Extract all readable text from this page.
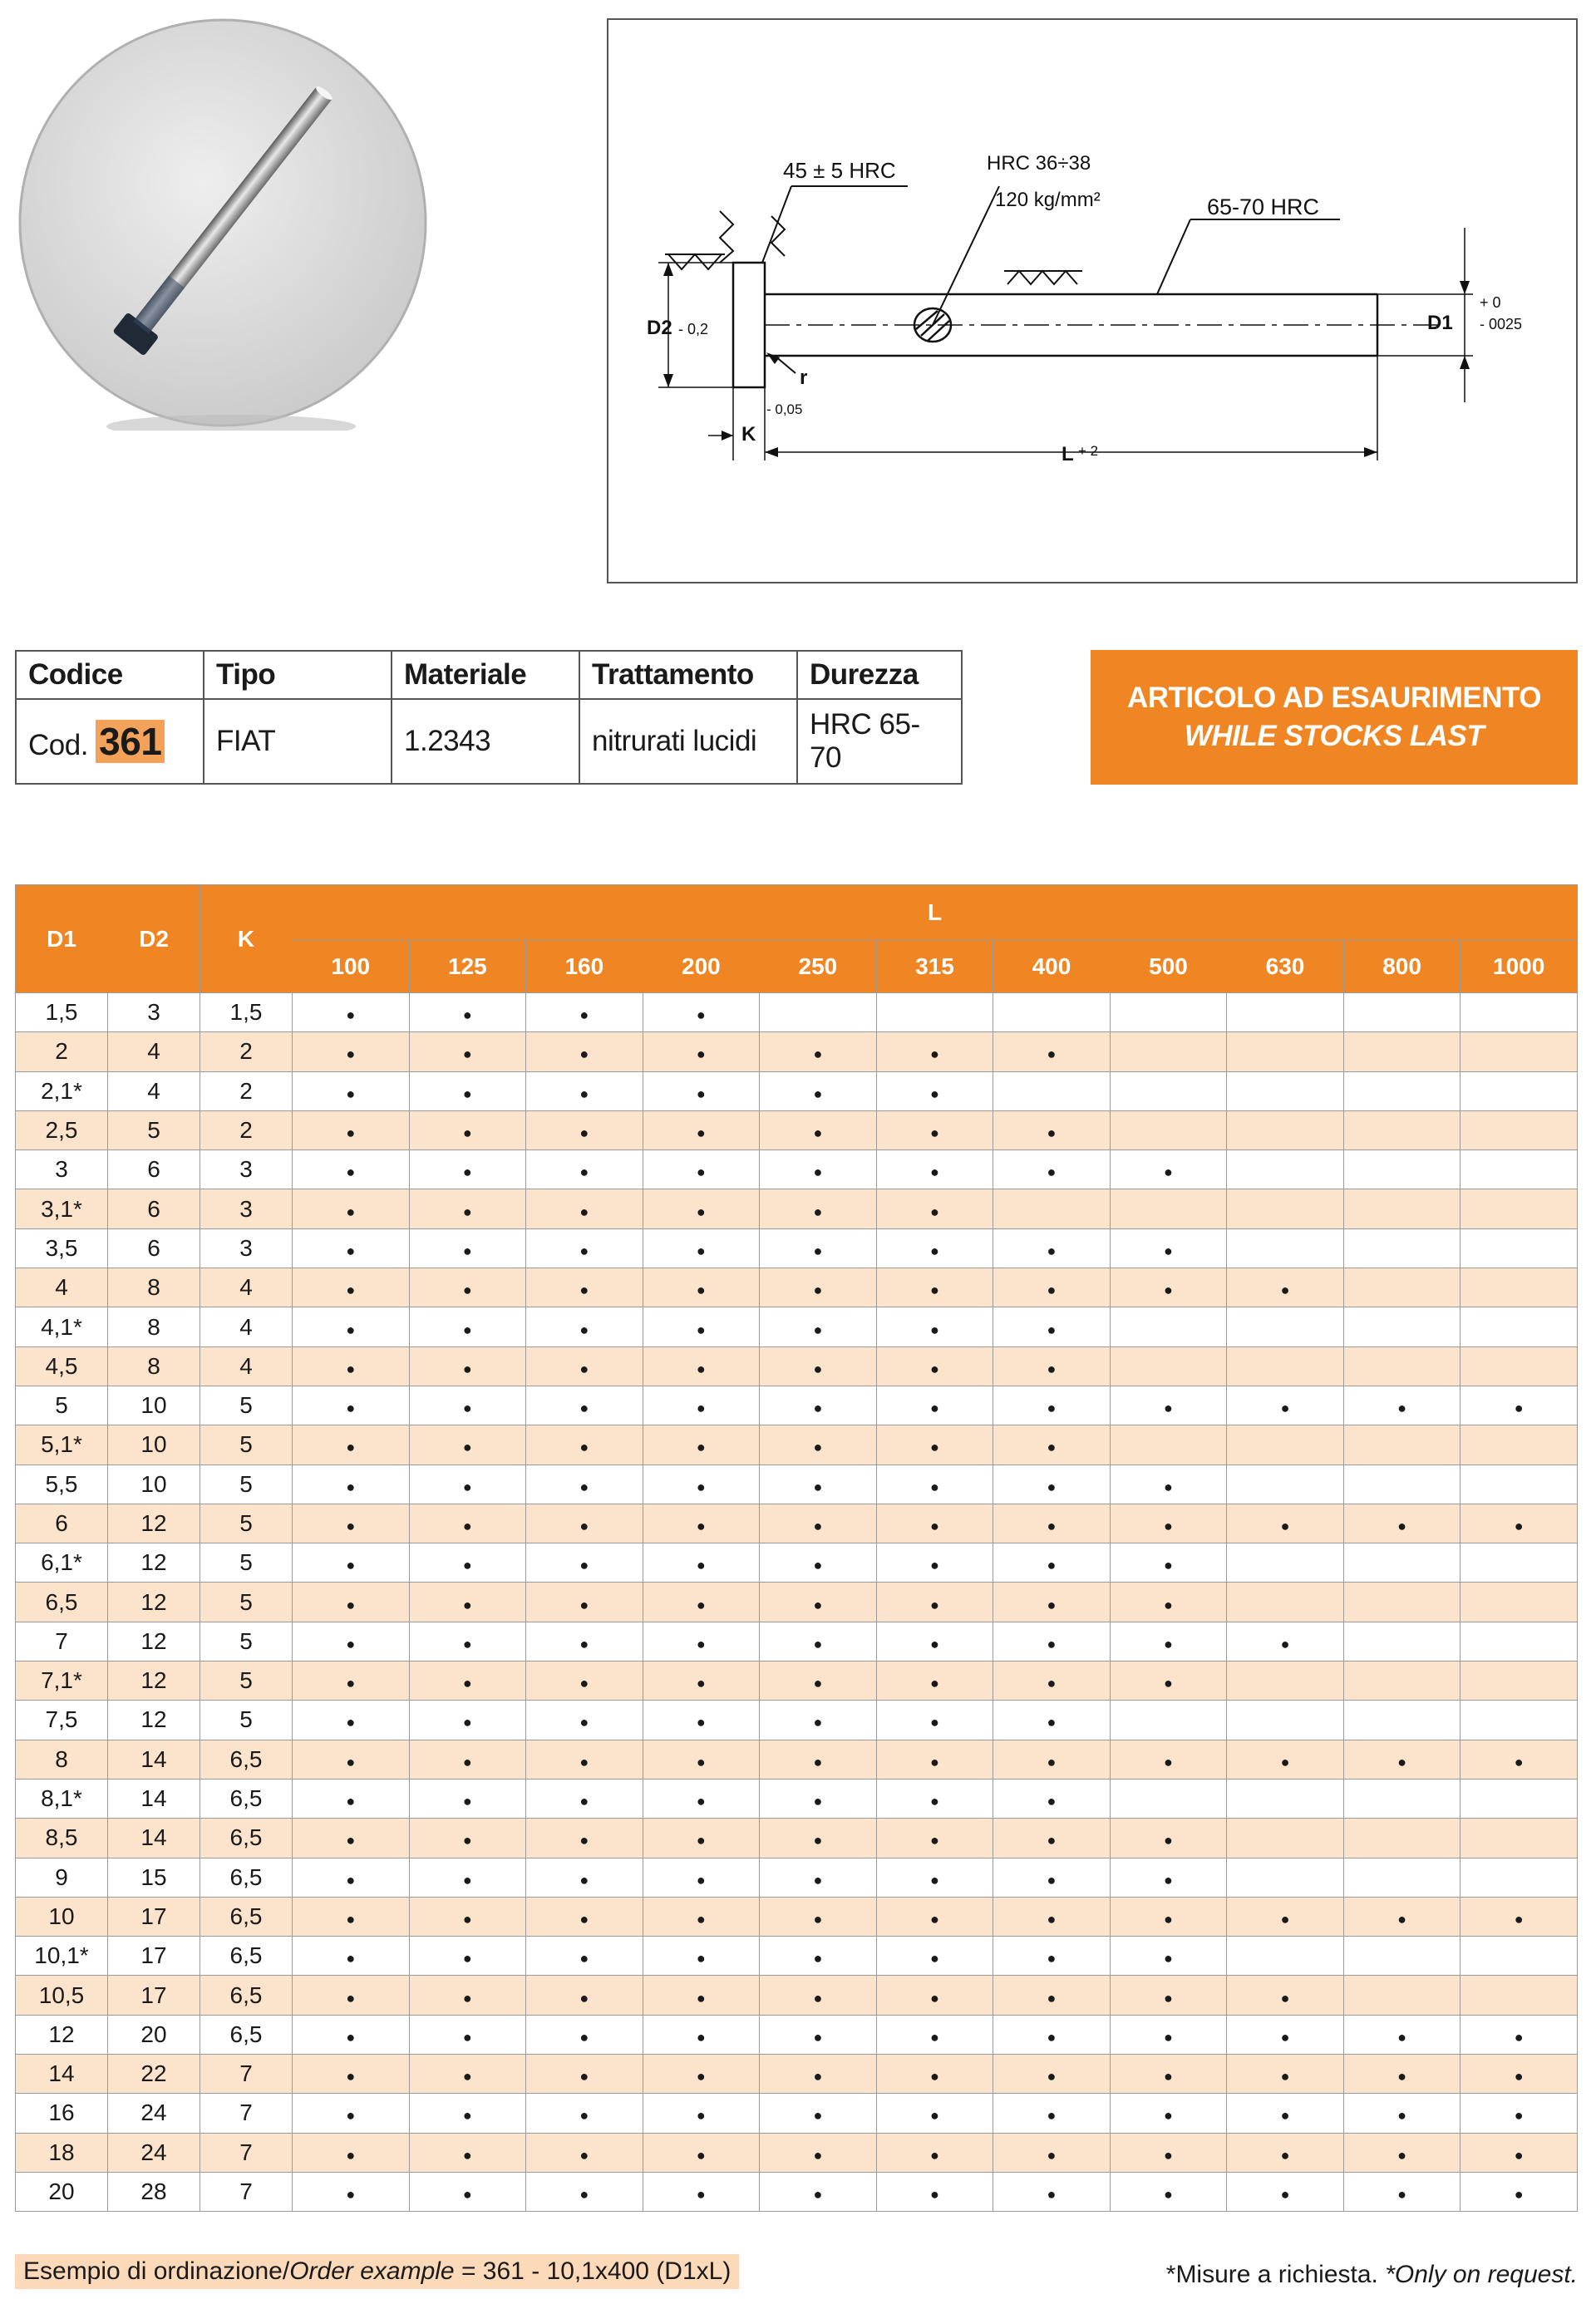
45 ± 5 HRC	HRC 36÷38
120 kg/mm²	65-70 HRC
D2 - 0,2	D1
+ 0
- 0025
r
- 0,05
K
L + 2
Codice	Tipo	Materiale	Trattamento	Durezza
Cod. 361	FIAT	1.2343	nitrurati lucidi	HRC 65-70
ARTICOLO AD ESAURIMENTO
WHILE STOCKS LAST
D1	D2	K	L										
			100	125	160	200	250	315	400	500	630	800	1000
1,5	3	1,5	●	●	●	●							
2	4	2	●	●	●	●	●	●	●				
2,1*	4	2	●	●	●	●	●	●					
2,5	5	2	●	●	●	●	●	●	●				
3	6	3	●	●	●	●	●	●	●	●			
3,1*	6	3	●	●	●	●	●	●					
3,5	6	3	●	●	●	●	●	●	●	●			
4	8	4	●	●	●	●	●	●	●	●	●		
4,1*	8	4	●	●	●	●	●	●	●				
4,5	8	4	●	●	●	●	●	●	●				
5	10	5	●	●	●	●	●	●	●	●	●	●	●
5,1*	10	5	●	●	●	●	●	●	●				
5,5	10	5	●	●	●	●	●	●	●	●			
6	12	5	●	●	●	●	●	●	●	●	●	●	●
6,1*	12	5	●	●	●	●	●	●	●	●			
6,5	12	5	●	●	●	●	●	●	●	●			
7	12	5	●	●	●	●	●	●	●	●	●		
7,1*	12	5	●	●	●	●	●	●	●	●			
7,5	12	5	●	●	●	●	●	●	●				
8	14	6,5	●	●	●	●	●	●	●	●	●	●	●
8,1*	14	6,5	●	●	●	●	●	●	●				
8,5	14	6,5	●	●	●	●	●	●	●	●			
9	15	6,5	●	●	●	●	●	●	●	●			
10	17	6,5	●	●	●	●	●	●	●	●	●	●	●
10,1*	17	6,5	●	●	●	●	●	●	●	●			
10,5	17	6,5	●	●	●	●	●	●	●	●	●		
12	20	6,5	●	●	●	●	●	●	●	●	●	●	●
14	22	7	●	●	●	●	●	●	●	●	●	●	●
16	24	7	●	●	●	●	●	●	●	●	●	●	●
18	24	7	●	●	●	●	●	●	●	●	●	●	●
20	28	7	●	●	●	●	●	●	●	●	●	●	●
Esempio di ordinazione/Order example = 361 - 10,1x400 (D1xL)	*Misure a richiesta. *Only on request.
